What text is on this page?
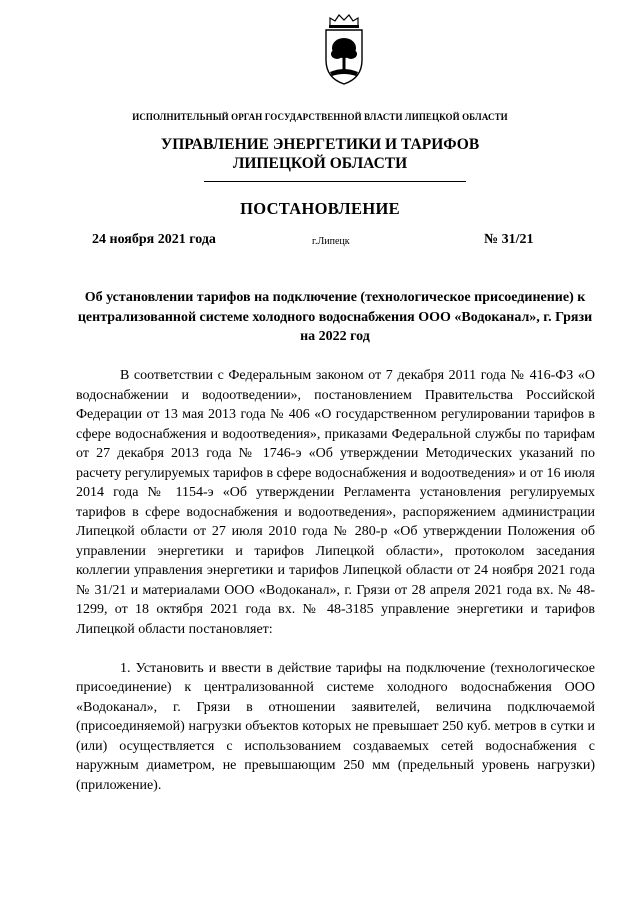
ИСПОЛНИТЕЛЬНЫЙ ОРГАН ГОСУДАРСТВЕННОЙ ВЛАСТИ ЛИПЕЦКОЙ ОБЛАСТИ
УПРАВЛЕНИЕ ЭНЕРГЕТИКИ И ТАРИФОВ
ЛИПЕЦКОЙ ОБЛАСТИ
ПОСТАНОВЛЕНИЕ
24 ноября 2021 года	г.Липецк	№ 31/21
Об установлении тарифов на подключение (технологическое присоединение) к централизованной системе холодного водоснабжения ООО «Водоканал», г. Грязи на 2022 год

В соответствии с Федеральным законом от 7 декабря 2011 года № 416-ФЗ «О водоснабжении и водоотведении», постановлением Правительства Российской Федерации от 13 мая 2013 года № 406 «О государственном регулировании тарифов в сфере водоснабжения и водоотведения», приказами Федеральной службы по тарифам от 27 декабря 2013 года № 1746-э «Об утверждении Методических указаний по расчету регулируемых тарифов в сфере водоснабжения и водоотведения» и от 16 июля 2014 года № 1154-э «Об утверждении Регламента установления регулируемых тарифов в сфере водоснабжения и водоотведения», распоряжением администрации Липецкой области от 27 июля 2010 года № 280-р «Об утверждении Положения об управлении энергетики и тарифов Липецкой области», протоколом заседания коллегии управления энергетики и тарифов Липецкой области от 24 ноября 2021 года № 31/21 и материалами ООО «Водоканал», г. Грязи от 28 апреля 2021 года вх. № 48-1299, от 18 октября 2021 года вх. № 48-3185 управление энергетики и тарифов Липецкой области постановляет:

1. Установить и ввести в действие тарифы на подключение (технологическое присоединение) к централизованной системе холодного водоснабжения ООО «Водоканал», г. Грязи в отношении заявителей, величина подключаемой (присоединяемой) нагрузки объектов которых не превышает 250 куб. метров в сутки и (или) осуществляется с использованием создаваемых сетей водоснабжения с наружным диаметром, не превышающим 250 мм (предельный уровень нагрузки) (приложение).
